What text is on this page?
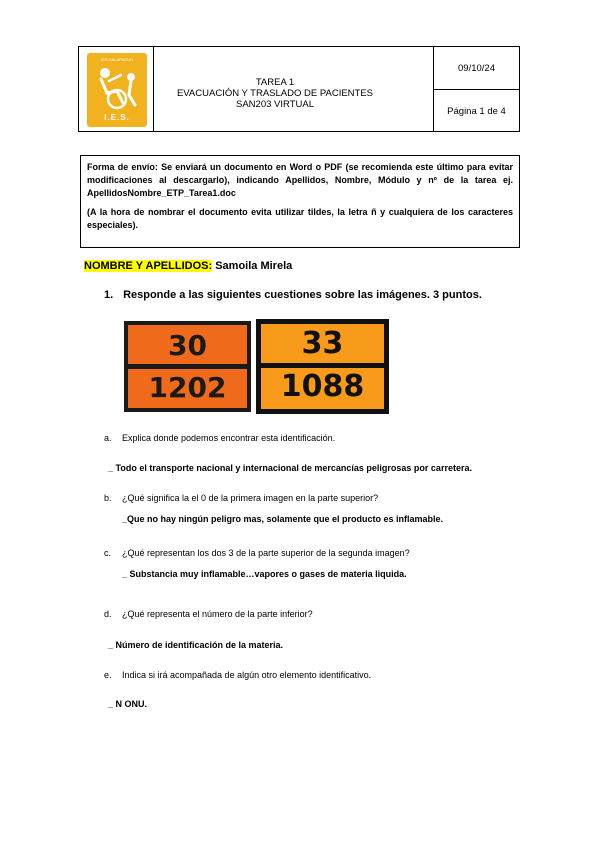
IES GALAPAGUR
I.E.S.
TAREA 1
EVACUACIÓN Y TRASLADO DE PACIENTES
SAN203 VIRTUAL
09/10/24
Página 1 de 4

Forma de envío: Se enviará un documento en Word o PDF (se recomienda este último para evitar modificaciones al descargarlo), indicando Apellidos, Nombre, Módulo y nº de la tarea ej. ApellidosNombre_ETP_Tarea1.doc

(A la hora de nombrar el documento evita utilizar tildes, la letra ñ y cualquiera de los caracteres especiales).

NOMBRE Y APELLIDOS: Samoila Mirela
1. Responde a las siguientes cuestiones sobre las imágenes. 3 puntos.
30
1202
33
1088
a. Explica donde podemos encontrar esta identificación.
_ Todo el transporte nacional y internacional de mercancías peligrosas por carretera.
b. ¿Qué significa la el 0 de la primera imagen en la parte superior?
_Que no hay ningún peligro mas, solamente que el producto es inflamable.
c. ¿Qué representan los dos 3 de la parte superior de la segunda imagen?
_ Substancia muy inflamable…vapores o gases de materia liquida.
d. ¿Qué representa el número de la parte inferior?
_ Número de identificación de la materia.
e. Indica si irá acompañada de algún otro elemento identificativo.
_ N ONU.
